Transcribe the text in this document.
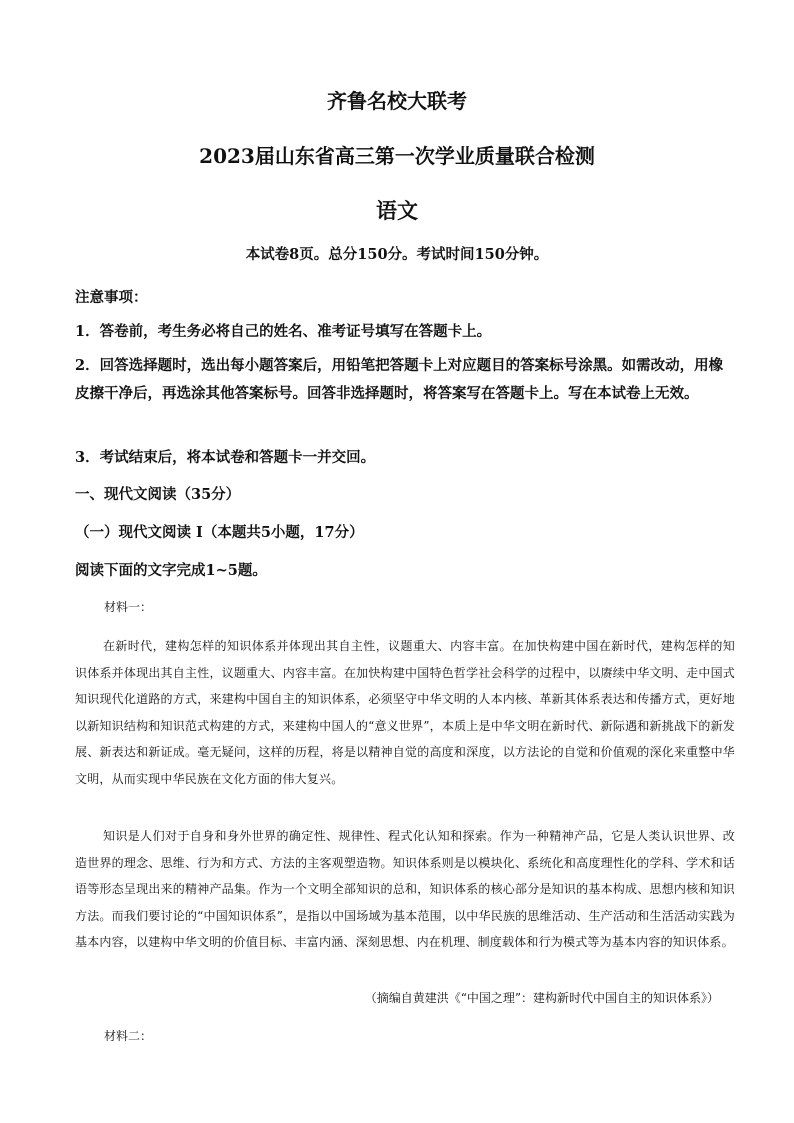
齐鲁名校大联考
2023届山东省高三第一次学业质量联合检测
语文
本试卷8页。总分150分。考试时间150分钟。
注意事项：
1．答卷前，考生务必将自己的姓名、准考证号填写在答题卡上。
2．回答选择题时，选出每小题答案后，用铅笔把答题卡上对应题目的答案标号涂黑。如需改动，用橡皮擦干净后，再选涂其他答案标号。回答非选择题时，将答案写在答题卡上。写在本试卷上无效。
3．考试结束后，将本试卷和答题卡一并交回。
一、现代文阅读（35分）
（一）现代文阅读 I（本题共5小题，17分）
阅读下面的文字完成1~5题。
材料一：
在新时代，建构怎样的知识体系并体现出其自主性，议题重大、内容丰富。在加快构建中国在新时代，建构怎样的知识体系并体现出其自主性，议题重大、内容丰富。在加快构建中国特色哲学社会科学的过程中，以赓续中华文明、走中国式知识现代化道路的方式，来建构中国自主的知识体系，必须坚守中华文明的人本内核、革新其体系表达和传播方式，更好地以新知识结构和知识范式构建的方式，来建构中国人的“意义世界”，本质上是中华文明在新时代、新际遇和新挑战下的新发展、新表达和新证成。毫无疑问，这样的历程，将是以精神自觉的高度和深度，以方法论的自觉和价值观的深化来重整中华文明，从而实现中华民族在文化方面的伟大复兴。
知识是人们对于自身和身外世界的确定性、规律性、程式化认知和探索。作为一种精神产品，它是人类认识世界、改造世界的理念、思维、行为和方式、方法的主客观塑造物。知识体系则是以模块化、系统化和高度理性化的学科、学术和话语等形态呈现出来的精神产品集。作为一个文明全部知识的总和，知识体系的核心部分是知识的基本构成、思想内核和知识方法。而我们要讨论的“中国知识体系”，是指以中国场域为基本范围，以中华民族的思维活动、生产活动和生活活动实践为基本内容，以建构中华文明的价值目标、丰富内涵、深刻思想、内在机理、制度载体和行为模式等为基本内容的知识体系。
（摘编自黄建洪《“中国之理”：建构新时代中国自主的知识体系》）
材料二：
